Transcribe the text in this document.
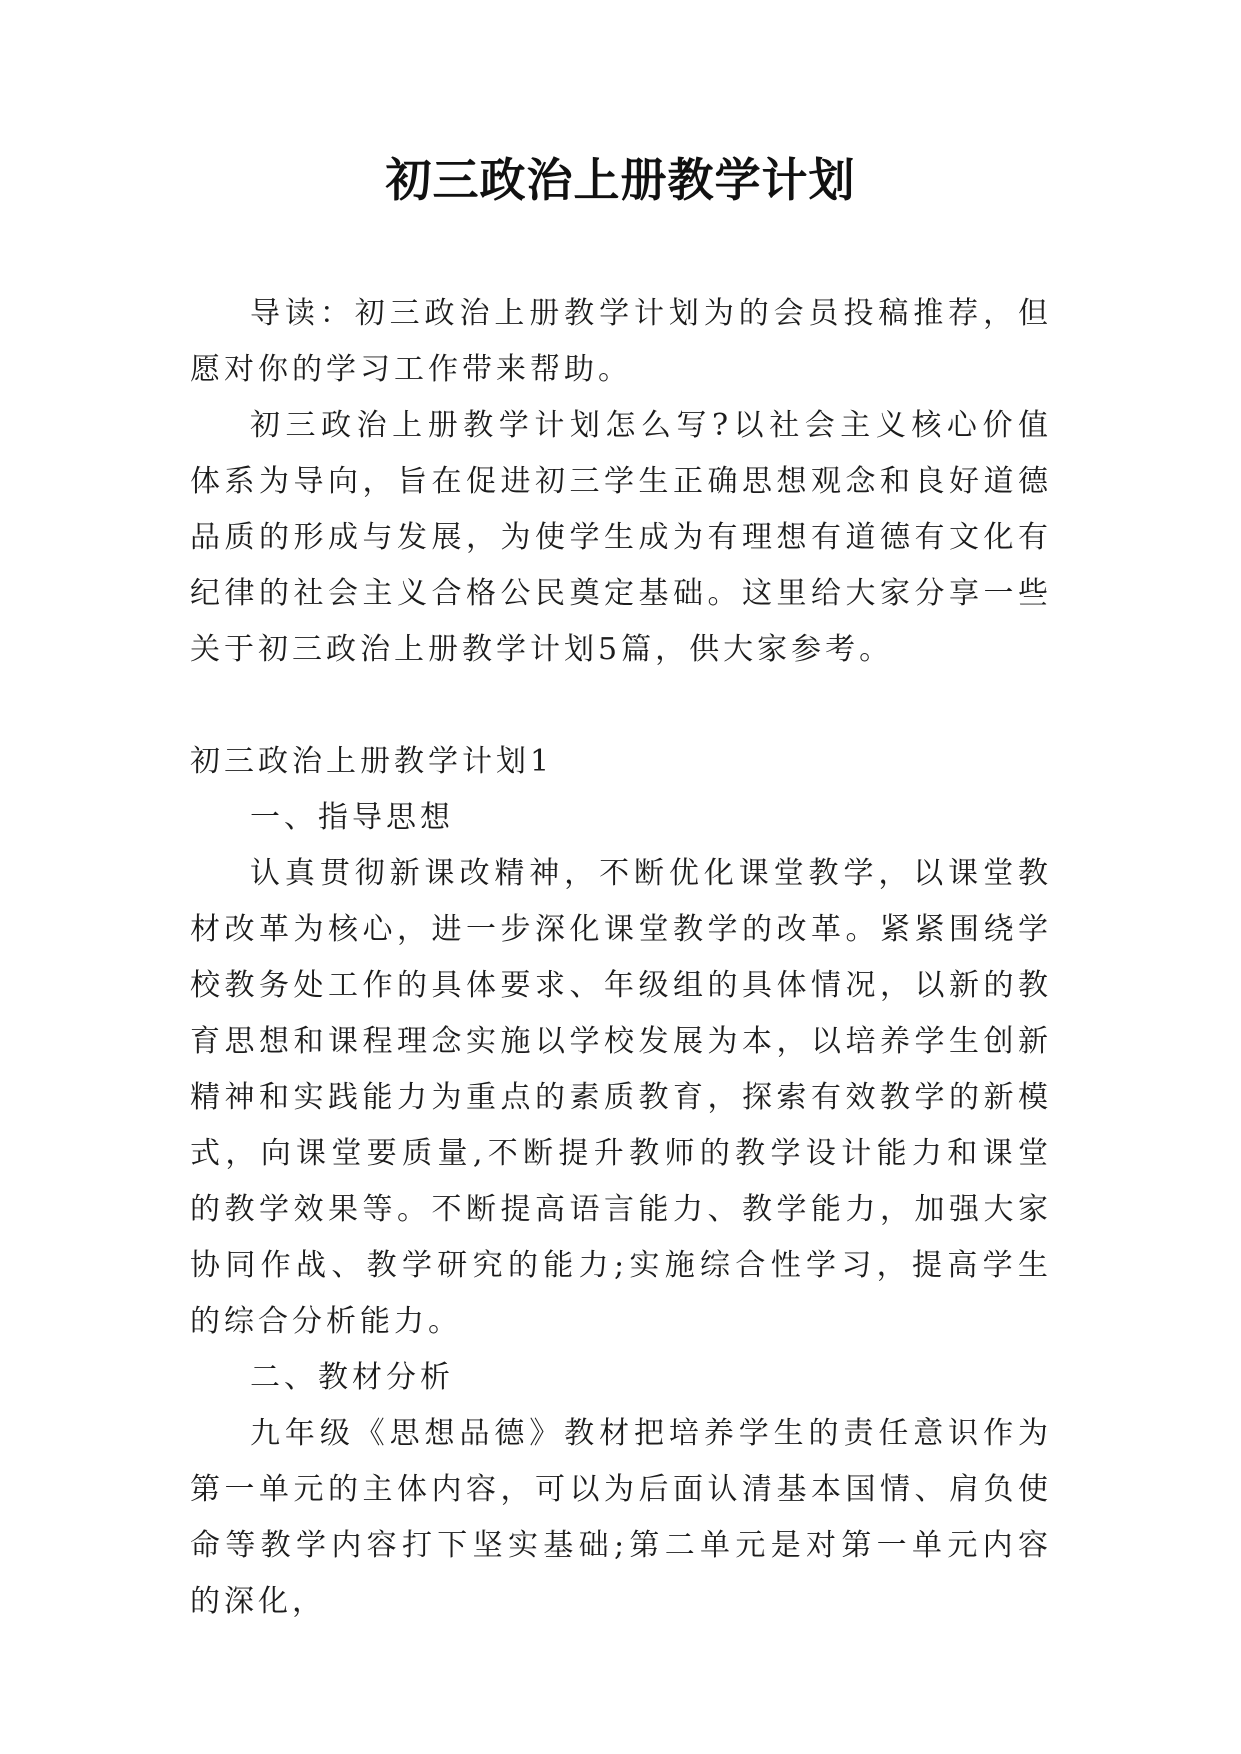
初三政治上册教学计划

导读：初三政治上册教学计划为的会员投稿推荐，但愿对你的学习工作带来帮助。

初三政治上册教学计划怎么写?以社会主义核心价值体系为导向，旨在促进初三学生正确思想观念和良好道德品质的形成与发展，为使学生成为有理想有道德有文化有纪律的社会主义合格公民奠定基础。这里给大家分享一些关于初三政治上册教学计划5篇，供大家参考。

初三政治上册教学计划1

一、指导思想

认真贯彻新课改精神，不断优化课堂教学，以课堂教材改革为核心，进一步深化课堂教学的改革。紧紧围绕学校教务处工作的具体要求、年级组的具体情况，以新的教育思想和课程理念实施以学校发展为本，以培养学生创新精神和实践能力为重点的素质教育，探索有效教学的新模式，向课堂要质量,不断提升教师的教学设计能力和课堂的教学效果等。不断提高语言能力、教学能力，加强大家协同作战、教学研究的能力;实施综合性学习，提高学生的综合分析能力。

二、教材分析

九年级《思想品德》教材把培养学生的责任意识作为第一单元的主体内容，可以为后面认清基本国情、肩负使命等教学内容打下坚实基础;第二单元是对第一单元内容的深化，
